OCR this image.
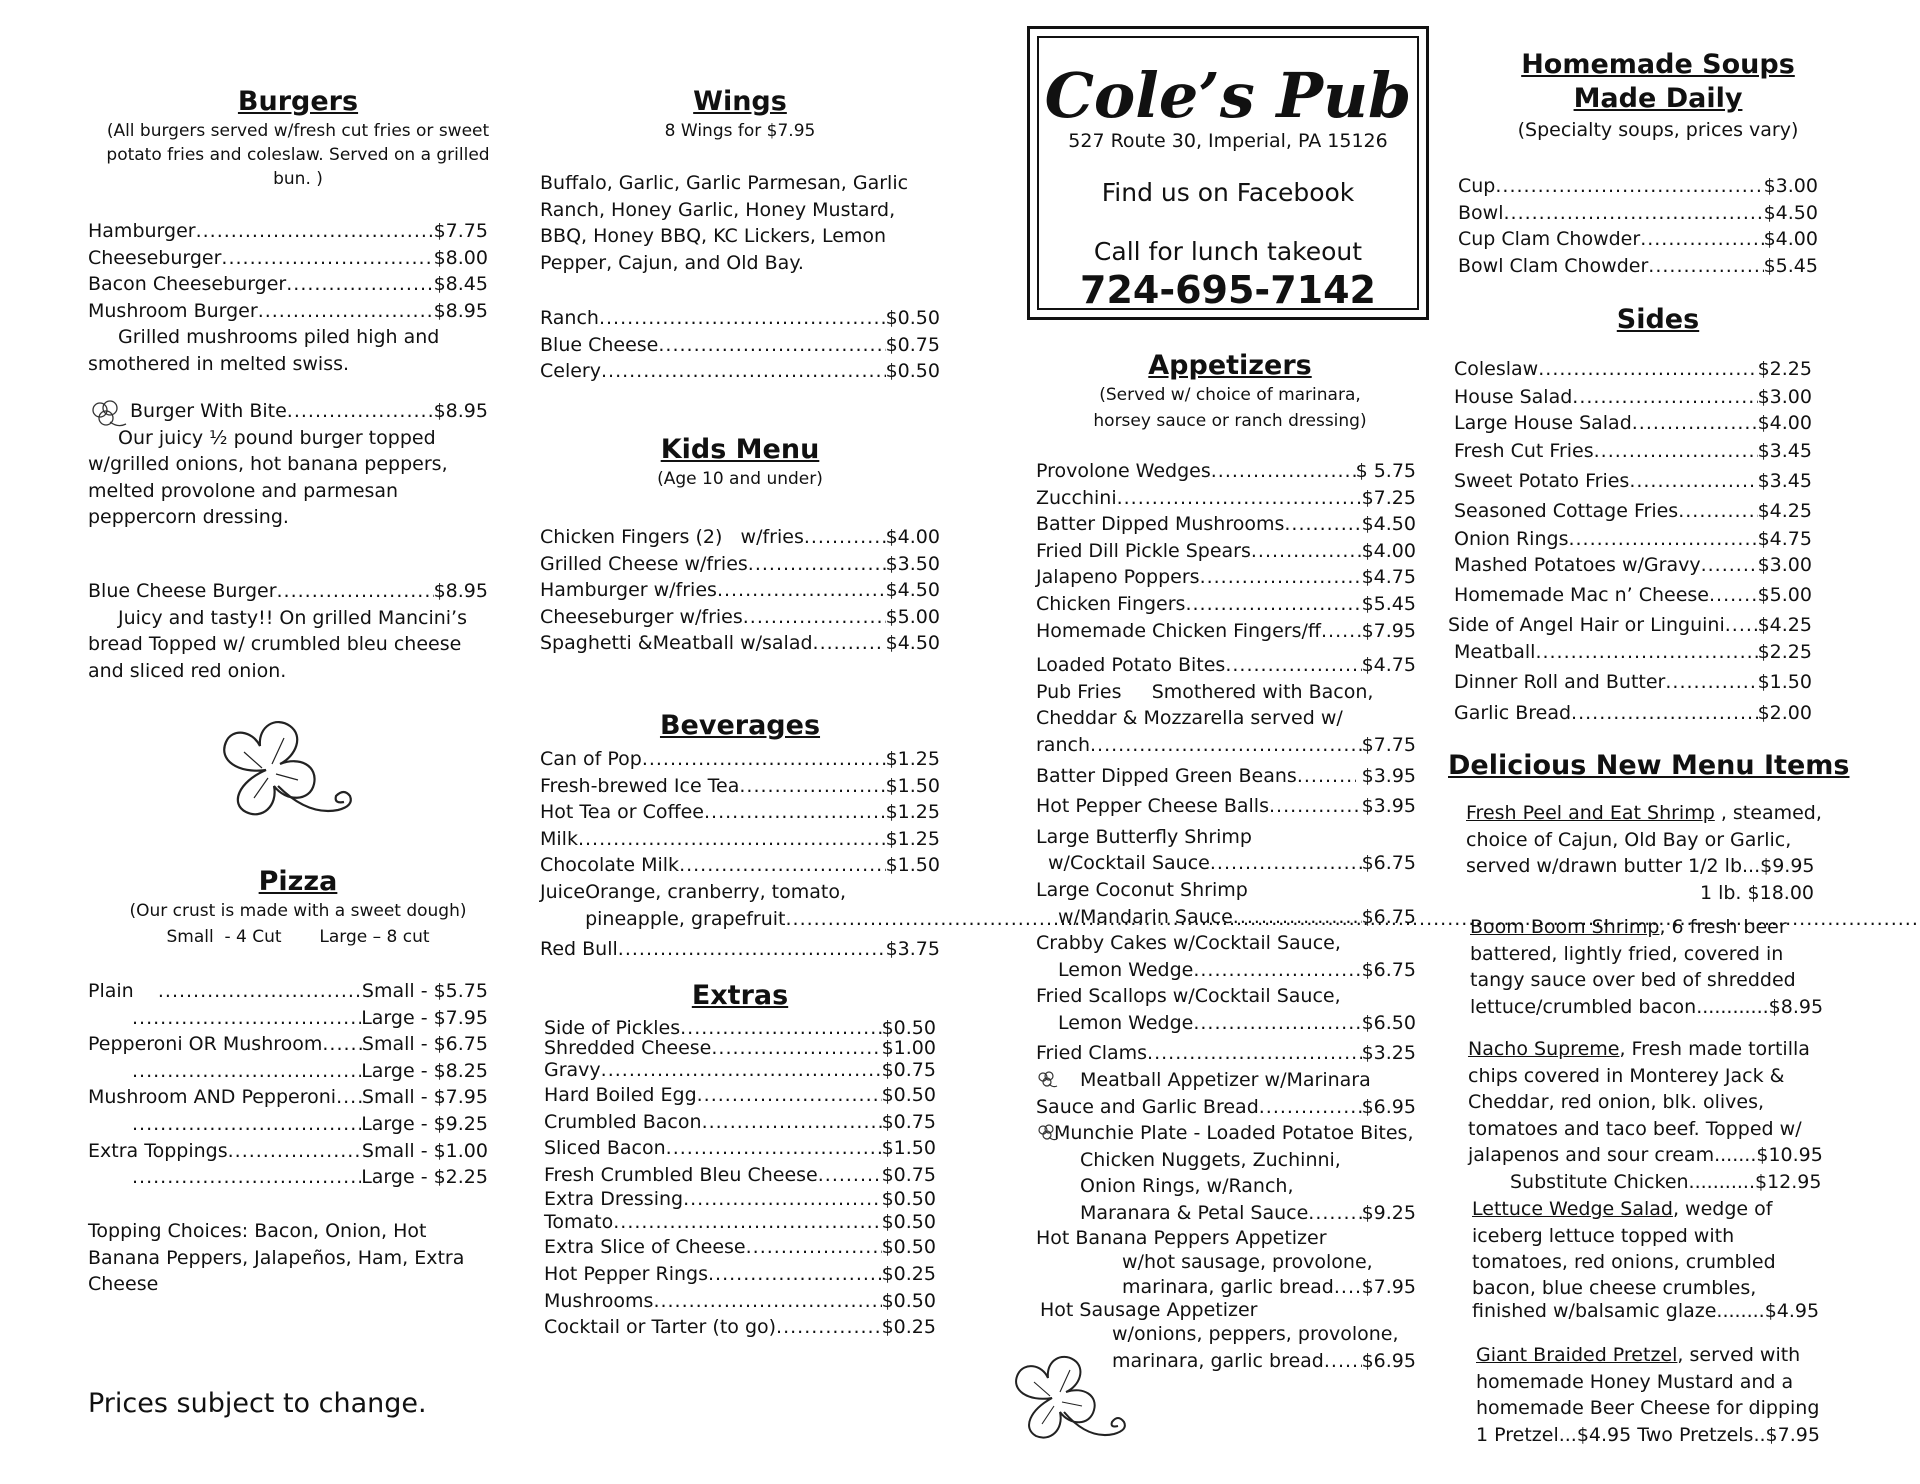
Burgers
(All burgers served w/fresh cut fries or sweet
potato fries and coleslaw. Served on a grilled
bun. )
Hamburger .....	$7.75
Cheeseburger .....	$8.00
Bacon Cheeseburger .....	$8.45
Mushroom Burger .....	$8.95
Grilled mushrooms piled high and
smothered in melted swiss.
Burger With Bite .....	$8.95
Our juicy ½ pound burger topped
w/grilled onions, hot banana peppers,
melted provolone and parmesan
peppercorn dressing.
Blue Cheese Burger .....	$8.95
Juicy and tasty!! On grilled Mancini’s
bread Topped w/ crumbled bleu cheese
and sliced red onion.
Pizza
(Our crust is made with a sweet dough)
Small  - 4 Cut       Large – 8 cut
Plain .....	Small - $5.75
.....
Large - $7.95
Pepperoni OR Mushroom ..... Small - $6.75
.....
Large - $8.25
Mushroom AND Pepperoni ..... Small - $7.95
.....
Large - $9.25
Extra Toppings .....	Small - $1.00
.....
Large - $2.25
Topping Choices: Bacon, Onion, Hot
Banana Peppers, Jalapeños, Ham, Extra
Cheese
Prices subject to change.
Wings
8 Wings for $7.95
Buffalo, Garlic, Garlic Parmesan, Garlic
Ranch, Honey Garlic, Honey Mustard,
BBQ, Honey BBQ, KC Lickers, Lemon
Pepper, Cajun, and Old Bay.
Ranch .....	$0.50
Blue Cheese .....	$0.75
Celery .....	$0.50
Kids Menu
(Age 10 and under)
Chicken Fingers (2)   w/fries .....	$4.00
Grilled Cheese w/fries .....	$3.50
Hamburger w/fries .....	$4.50
Cheeseburger w/fries .....	$5.00
Spaghetti &Meatball w/salad .....	$4.50
Beverages
Can of Pop .....	$1.25
Fresh-brewed Ice Tea .....	$1.50
Hot Tea or Coffee .....	$1.25
Milk .....	$1.25
Chocolate Milk .....	$1.50
Juice Orange, cranberry, tomato,
pineapple, grapefruit
.....
Red Bull .....	$3.75
Extras
Side of Pickles .....	$0.50
Shredded Cheese .....	$1.00
Gravy .....	$0.75
Hard Boiled Egg .....	$0.50
Crumbled Bacon .....	$0.75
Sliced Bacon .....	$1.50
Fresh Crumbled Bleu Cheese .....	$0.75
Extra Dressing .....	$0.50
Tomato .....	$0.50
Extra Slice of Cheese .....	$0.50
Hot Pepper Rings .....	$0.25
Mushrooms .....	$0.50
Cocktail or Tarter (to go) .....	$0.25
Cole’s Pub
527 Route 30, Imperial, PA 15126
Find us on Facebook
Call for lunch takeout
724-695-7142
Appetizers
(Served w/ choice of marinara,
horsey sauce or ranch dressing)
Provolone Wedges .....	$ 5.75
Zucchini .....	$7.25
Batter Dipped Mushrooms .....	$4.50
Fried Dill Pickle Spears .....	$4.00
Jalapeno Poppers .....	$4.75
Chicken Fingers .....	$5.45
Homemade Chicken Fingers/ff ..... $7.95
Loaded Potato Bites .....	$4.75
Pub Fries     Smothered with Bacon,
Cheddar & Mozzarella served w/
ranch .....	$7.75
Batter Dipped Green Beans .....	$3.95
Hot Pepper Cheese Balls .....	$3.95
Large Butterfly Shrimp
w/Cocktail Sauce .....	$6.75
Large Coconut Shrimp
w/Mandarin Sauce .....	$6.75
Crabby Cakes w/Cocktail Sauce,
Lemon Wedge .....	$6.75
Fried Scallops w/Cocktail Sauce,
Lemon Wedge .....	$6.50
Fried Clams .....	$3.25
Meatball Appetizer w/Marinara
Sauce and Garlic Bread .....	$6.95
Munchie Plate - Loaded Potatoe Bites,
Chicken Nuggets, Zuchinni,
Onion Rings, w/Ranch,
Maranara & Petal Sauce .....	$9.25
Hot Banana Peppers Appetizer
w/hot sausage, provolone,
marinara, garlic bread ..... $7.95
Hot Sausage Appetizer
w/onions, peppers, provolone,
marinara, garlic bread ..... $6.95
Homemade Soups
Made Daily
(Specialty soups, prices vary)
Cup .....	$3.00
Bowl .....	$4.50
Cup Clam Chowder .....	$4.00
Bowl Clam Chowder .....	$5.45
Sides
Coleslaw .....	$2.25
House Salad .....	$3.00
Large House Salad .....	$4.00
Fresh Cut Fries .....	$3.45
Sweet Potato Fries .....	$3.45
Seasoned Cottage Fries .....	$4.25
Onion Rings .....	$4.75
Mashed Potatoes w/Gravy .....	$3.00
Homemade Mac n’ Cheese .....	$5.00
Side of Angel Hair or Linguini ..... $4.25
Meatball .....	$2.25
Dinner Roll and Butter .....	$1.50
Garlic Bread .....	$2.00
Delicious New Menu Items
Fresh Peel and Eat Shrimp , steamed,
choice of Cajun, Old Bay or Garlic,
served w/drawn butter 1/2 lb...$9.95
1 lb. $18.00
Boom Boom Shrimp, 6 fresh beer
battered, lightly fried, covered in
tangy sauce over bed of shredded
lettuce/crumbled bacon............$8.95
Nacho Supreme, Fresh made tortilla
chips covered in Monterey Jack &
Cheddar, red onion, blk. olives,
tomatoes and taco beef. Topped w/
jalapenos and sour cream.......$10.95
Substitute Chicken...........$12.95
Lettuce Wedge Salad, wedge of
iceberg lettuce topped with
tomatoes, red onions, crumbled
bacon, blue cheese crumbles,
finished w/balsamic glaze........$4.95
Giant Braided Pretzel, served with
homemade Honey Mustard and a
homemade Beer Cheese for dipping
1 Pretzel...$4.95 Two Pretzels..$7.95
